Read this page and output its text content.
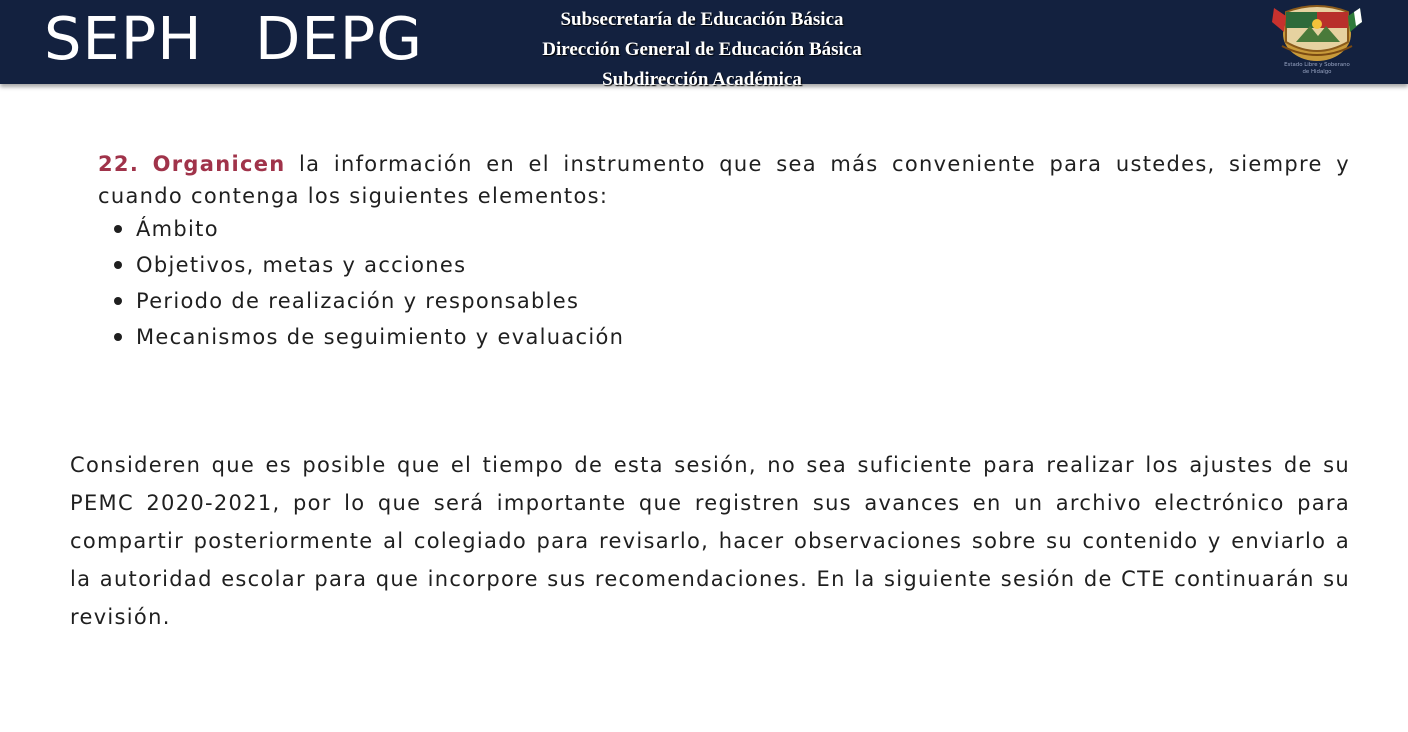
SEPH DEPG	Subsecretaría de Educación Básica
Dirección General de Educación Básica
Subdirección Académica
Estado Libre y Soberano
de Hidalgo
22. Organicen la información en el instrumento que sea más conveniente para ustedes, siempre y cuando contenga los siguientes elementos:
Ámbito
Objetivos, metas y acciones
Periodo de realización y responsables
Mecanismos de seguimiento y evaluación

Consideren que es posible que el tiempo de esta sesión, no sea suficiente para realizar los ajustes de su PEMC 2020-2021, por lo que será importante que registren sus avances en un archivo electrónico para compartir posteriormente al colegiado para revisarlo, hacer observaciones sobre su contenido y enviarlo a la autoridad escolar para que incorpore sus recomendaciones. En la siguiente sesión de CTE continuarán su revisión.
